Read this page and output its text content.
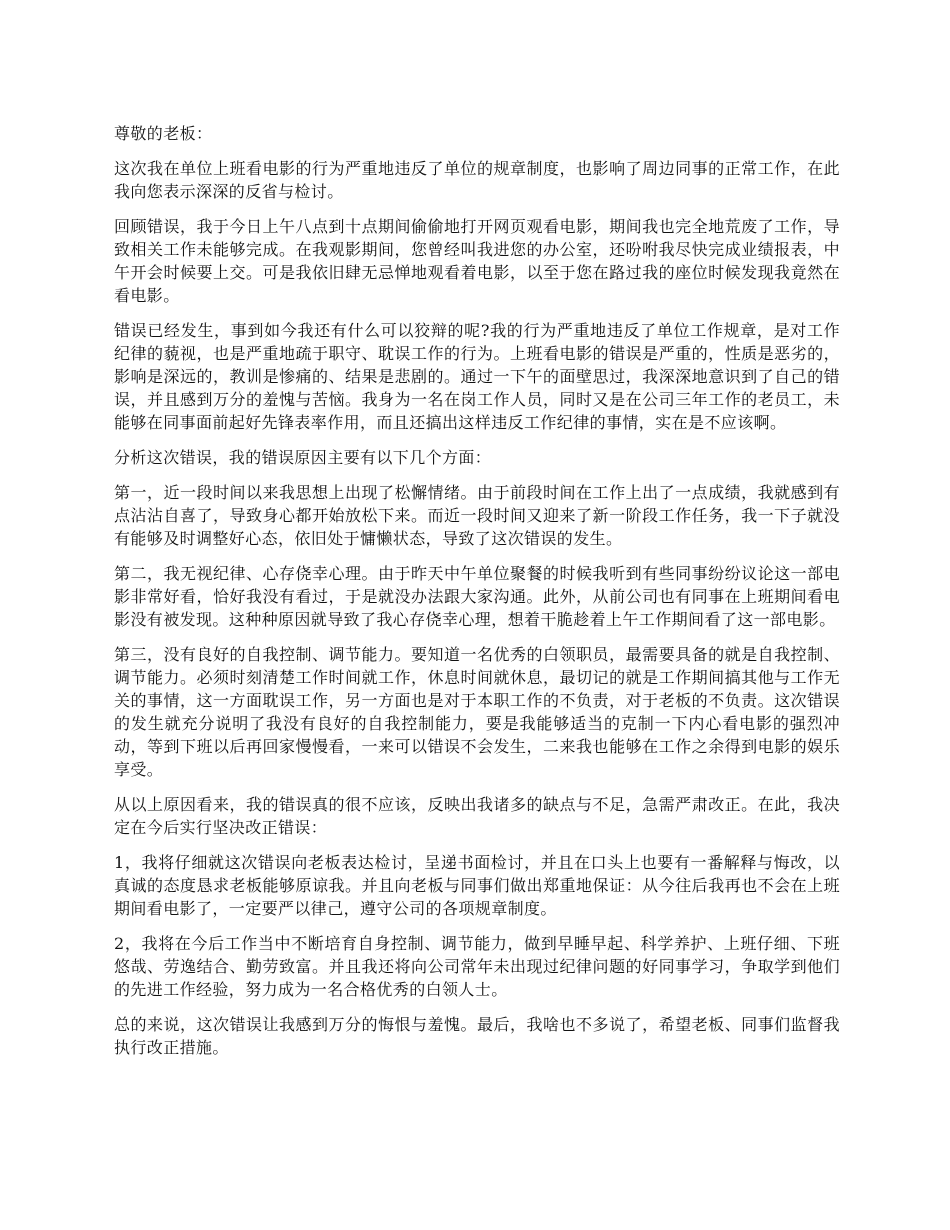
尊敬的老板：

这次我在单位上班看电影的行为严重地违反了单位的规章制度，也影响了周边同事的正常工作，在此我向您表示深深的反省与检讨。

回顾错误，我于今日上午八点到十点期间偷偷地打开网页观看电影，期间我也完全地荒废了工作，导致相关工作未能够完成。在我观影期间，您曾经叫我进您的办公室，还吩咐我尽快完成业绩报表，中午开会时候要上交。可是我依旧肆无忌惮地观看着电影，以至于您在路过我的座位时候发现我竟然在看电影。

错误已经发生，事到如今我还有什么可以狡辩的呢?我的行为严重地违反了单位工作规章，是对工作纪律的藐视，也是严重地疏于职守、耽误工作的行为。上班看电影的错误是严重的，性质是恶劣的，影响是深远的，教训是惨痛的、结果是悲剧的。通过一下午的面壁思过，我深深地意识到了自己的错误，并且感到万分的羞愧与苦恼。我身为一名在岗工作人员，同时又是在公司三年工作的老员工，未能够在同事面前起好先锋表率作用，而且还搞出这样违反工作纪律的事情，实在是不应该啊。

分析这次错误，我的错误原因主要有以下几个方面：

第一，近一段时间以来我思想上出现了松懈情绪。由于前段时间在工作上出了一点成绩，我就感到有点沾沾自喜了，导致身心都开始放松下来。而近一段时间又迎来了新一阶段工作任务，我一下子就没有能够及时调整好心态，依旧处于慵懒状态，导致了这次错误的发生。

第二，我无视纪律、心存侥幸心理。由于昨天中午单位聚餐的时候我听到有些同事纷纷议论这一部电影非常好看，恰好我没有看过，于是就没办法跟大家沟通。此外，从前公司也有同事在上班期间看电影没有被发现。这种种原因就导致了我心存侥幸心理，想着干脆趁着上午工作期间看了这一部电影。

第三，没有良好的自我控制、调节能力。要知道一名优秀的白领职员，最需要具备的就是自我控制、调节能力。必须时刻清楚工作时间就工作，休息时间就休息，最切记的就是工作期间搞其他与工作无关的事情，这一方面耽误工作，另一方面也是对于本职工作的不负责，对于老板的不负责。这次错误的发生就充分说明了我没有良好的自我控制能力，要是我能够适当的克制一下内心看电影的强烈冲动，等到下班以后再回家慢慢看，一来可以错误不会发生，二来我也能够在工作之余得到电影的娱乐享受。

从以上原因看来，我的错误真的很不应该，反映出我诸多的缺点与不足，急需严肃改正。在此，我决定在今后实行坚决改正错误：

1，我将仔细就这次错误向老板表达检讨，呈递书面检讨，并且在口头上也要有一番解释与悔改，以真诚的态度恳求老板能够原谅我。并且向老板与同事们做出郑重地保证：从今往后我再也不会在上班期间看电影了，一定要严以律己，遵守公司的各项规章制度。

2，我将在今后工作当中不断培育自身控制、调节能力，做到早睡早起、科学养护、上班仔细、下班悠哉、劳逸结合、勤劳致富。并且我还将向公司常年未出现过纪律问题的好同事学习，争取学到他们的先进工作经验，努力成为一名合格优秀的白领人士。

总的来说，这次错误让我感到万分的悔恨与羞愧。最后，我啥也不多说了，希望老板、同事们监督我执行改正措施。
